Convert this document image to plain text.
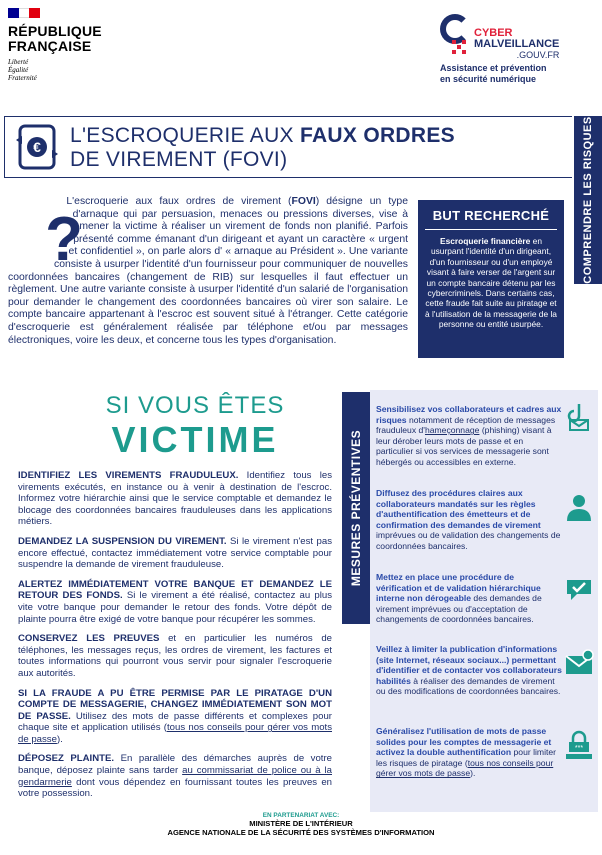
RÉPUBLIQUE
FRANÇAISE
Liberté
Égalité
Fraternité
CYBER
MALVEILLANCE
.GOUV.FR
Assistance et prévention
en sécurité numérique
€ L'ESCROQUERIE AUX FAUX ORDRES
DE VIREMENT (FOVI)	COMPRENDRE LES RISQUES
L'escroquerie aux faux ordres de virement (FOVI) désigne un type d'arnaque qui par persuasion, menaces ou pressions diverses, vise à amener la victime à réaliser un virement de fonds non planifié. Parfois présenté comme émanant d'un dirigeant et ayant un caractère « urgent et confidentiel », on parle alors d' « arnaque au Président ». Une variante consiste à usurper l'identité d'un fournisseur pour communiquer de nouvelles coordonnées bancaires (changement de RIB) sur lesquelles il faut effectuer un règlement. Une autre variante consiste à usurper l'identité d'un salarié de l'organisation pour demander le changement des coordonnées bancaires où virer son salaire. Le compte bancaire appartenant à l'escroc est souvent situé à l'étranger. Cette catégorie d'escroquerie est généralement réalisée par téléphone et/ou par messages électroniques, voire les deux, et concerne tous les types d'organisation.
?	BUT RECHERCHÉ
Escroquerie financière en usurpant l'identité d'un dirigeant, d'un fournisseur ou d'un employé visant à faire verser de l'argent sur un compte bancaire détenu par les cybercriminels. Dans certains cas, cette fraude fait suite au piratage et à l'utilisation de la messagerie de la personne ou entité usurpée.
SI VOUS ÊTES
VICTIME
IDENTIFIEZ LES VIREMENTS FRAUDULEUX. Identifiez tous les virements exécutés, en instance ou à venir à destination de l'escroc. Informez votre hiérarchie ainsi que le service comptable et demandez le blocage des coordonnées bancaires frauduleuses dans les applications métiers.
DEMANDEZ LA SUSPENSION DU VIREMENT. Si le virement n'est pas encore effectué, contactez immédiatement votre service comptable pour suspendre la demande de virement frauduleuse.
ALERTEZ IMMÉDIATEMENT VOTRE BANQUE ET DEMANDEZ LE RETOUR DES FONDS. Si le virement a été réalisé, contactez au plus vite votre banque pour demander le retour des fonds. Votre dépôt de plainte pourra être exigé de votre banque pour récupérer les sommes.
CONSERVEZ LES PREUVES et en particulier les numéros de téléphones, les messages reçus, les ordres de virement, les factures et toutes informations qui pourront vous servir pour signaler l'escroquerie aux autorités.
SI LA FRAUDE A PU ÊTRE PERMISE PAR LE PIRATAGE D'UN COMPTE DE MESSAGERIE, CHANGEZ IMMÉDIATEMENT SON MOT DE PASSE. Utilisez des mots de passe différents et complexes pour chaque site et application utilisés (tous nos conseils pour gérer vos mots de passe).
DÉPOSEZ PLAINTE. En parallèle des démarches auprès de votre banque, déposez plainte sans tarder au commissariat de police ou à la gendarmerie dont vous dépendez en fournissant toutes les preuves en votre possession.
MESURES PRÉVENTIVES
Sensibilisez vos collaborateurs et cadres aux risques notamment de réception de messages frauduleux d'hameçonnage (phishing) visant à leur dérober leurs mots de passe et en particulier si vos services de messagerie sont hébergés ou accessibles en externe.
Diffusez des procédures claires aux collaborateurs mandatés sur les règles d'authentification des émetteurs et de confirmation des demandes de virement imprévues ou de validation des changements de coordonnées bancaires.
Mettez en place une procédure de vérification et de validation hiérarchique interne non dérogeable des demandes de virement imprévues ou d'acceptation de changements de coordonnées bancaires.
Veillez à limiter la publication d'informations (site Internet, réseaux sociaux...) permettant d'identifier et de contacter vos collaborateurs habilités à réaliser des demandes de virement ou des modifications de coordonnées bancaires.
Généralisez l'utilisation de mots de passe solides pour les comptes de messagerie et activez la double authentification pour limiter les risques de piratage (tous nos conseils pour gérer vos mots de passe).
***
EN PARTENARIAT AVEC:
MINISTÈRE DE L'INTÉRIEUR
AGENCE NATIONALE DE LA SÉCURITÉ DES SYSTÈMES D'INFORMATION
